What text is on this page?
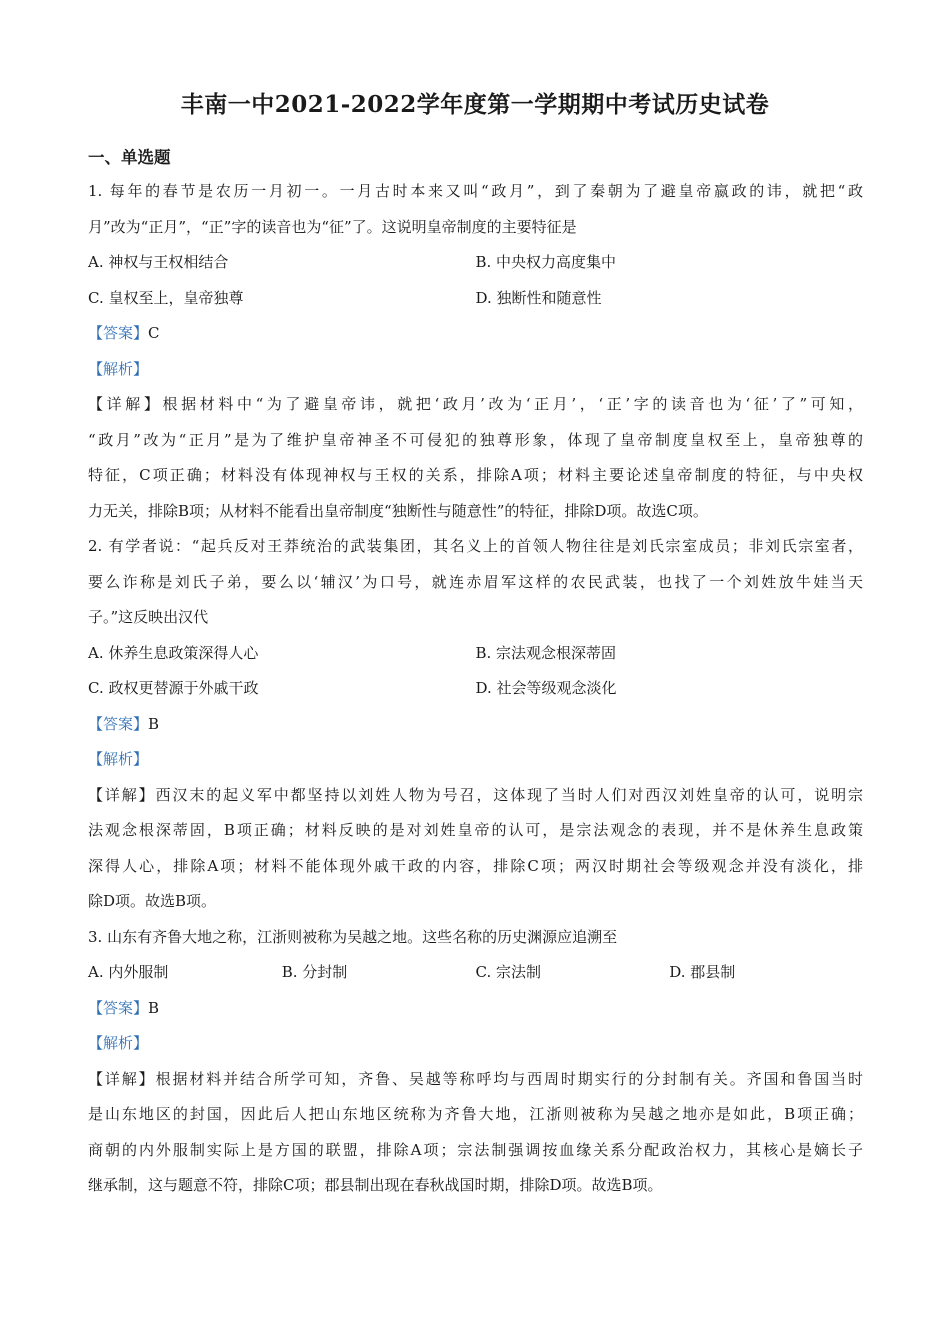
丰南一中2021-2022学年度第一学期期中考试历史试卷
一、单选题
1. 每年的春节是农历一月初一。一月古时本来又叫“政月”，到了秦朝为了避皇帝嬴政的讳，就把“政
月”改为“正月”，“正”字的读音也为“征”了。这说明皇帝制度的主要特征是
A. 神权与王权相结合	B. 中央权力高度集中
C. 皇权至上，皇帝独尊	D. 独断性和随意性
【答案】C
【解析】
【详解】根据材料中“为了避皇帝讳，就把‘政月’改为‘正月’，‘正’字的读音也为‘征’了”可知，
“政月”改为“正月”是为了维护皇帝神圣不可侵犯的独尊形象，体现了皇帝制度皇权至上，皇帝独尊的
特征，C项正确；材料没有体现神权与王权的关系，排除A项；材料主要论述皇帝制度的特征，与中央权
力无关，排除B项；从材料不能看出皇帝制度“独断性与随意性”的特征，排除D项。故选C项。
2. 有学者说：“起兵反对王莽统治的武装集团，其名义上的首领人物往往是刘氏宗室成员；非刘氏宗室者，
要么诈称是刘氏子弟，要么以‘辅汉’为口号，就连赤眉军这样的农民武装，也找了一个刘姓放牛娃当天
子。”这反映出汉代
A. 休养生息政策深得人心	B. 宗法观念根深蒂固
C. 政权更替源于外戚干政	D. 社会等级观念淡化
【答案】B
【解析】
【详解】西汉末的起义军中都坚持以刘姓人物为号召，这体现了当时人们对西汉刘姓皇帝的认可，说明宗
法观念根深蒂固，B项正确；材料反映的是对刘姓皇帝的认可，是宗法观念的表现，并不是休养生息政策
深得人心，排除A项；材料不能体现外戚干政的内容，排除C项；两汉时期社会等级观念并没有淡化，排
除D项。故选B项。
3. 山东有齐鲁大地之称，江浙则被称为吴越之地。这些名称的历史渊源应追溯至
A. 内外服制	B. 分封制	C. 宗法制	D. 郡县制
【答案】B
【解析】
【详解】根据材料并结合所学可知，齐鲁、吴越等称呼均与西周时期实行的分封制有关。齐国和鲁国当时
是山东地区的封国，因此后人把山东地区统称为齐鲁大地，江浙则被称为吴越之地亦是如此，B项正确；
商朝的内外服制实际上是方国的联盟，排除A项；宗法制强调按血缘关系分配政治权力，其核心是嫡长子
继承制，这与题意不符，排除C项；郡县制出现在春秋战国时期，排除D项。故选B项。
